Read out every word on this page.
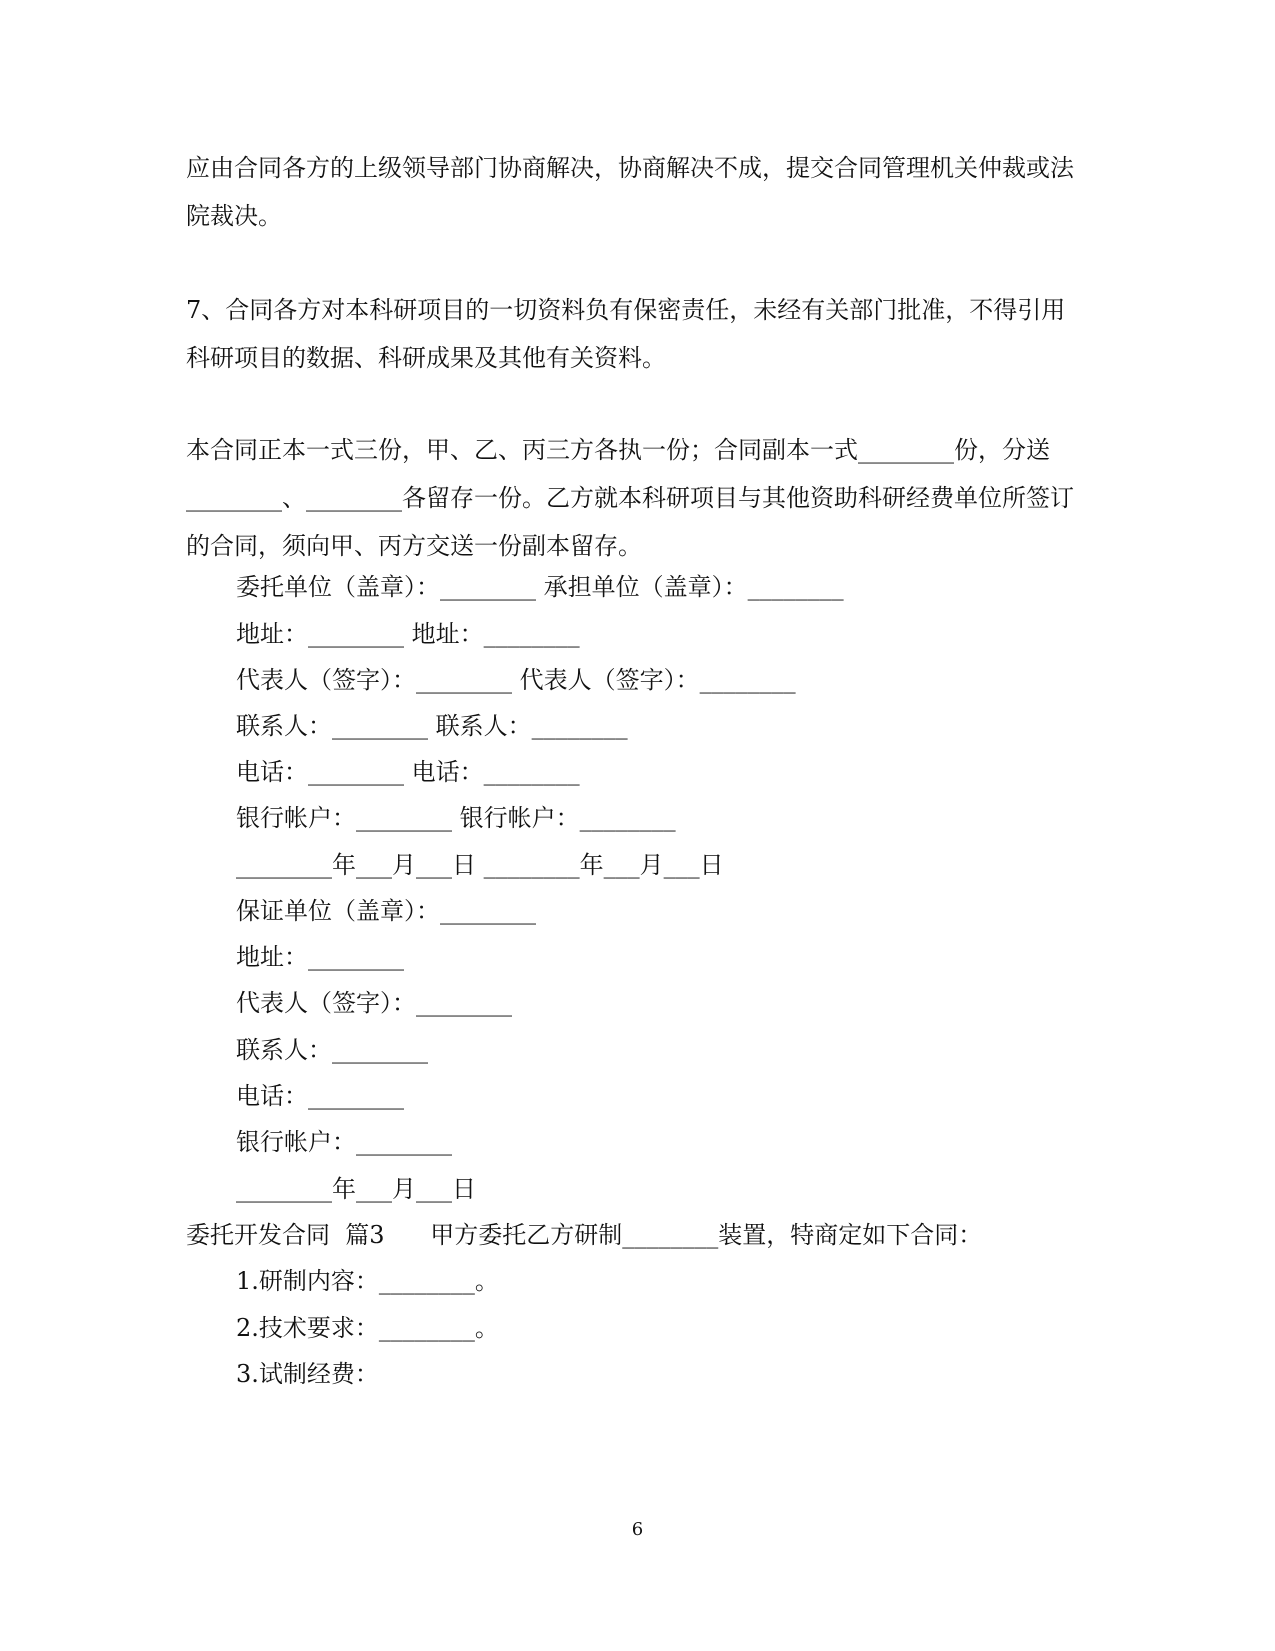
应由合同各方的上级领导部门协商解决，协商解决不成，提交合同管理机关仲裁或法院裁决。

7、合同各方对本科研项目的一切资料负有保密责任，未经有关部门批准，不得引用科研项目的数据、科研成果及其他有关资料。

本合同正本一式三份，甲、乙、丙三方各执一份；合同副本一式________份，分送________、________各留存一份。乙方就本科研项目与其他资助科研经费单位所签订的合同，须向甲、丙方交送一份副本留存。

委托单位（盖章）：________ 承担单位（盖章）：________
地址：________ 地址：________
代表人（签字）：________ 代表人（签字）：________
联系人：________ 联系人：________
电话：________ 电话：________
银行帐户：________ 银行帐户：________
________年___月___日 ________年___月___日
保证单位（盖章）：________
地址：________
代表人（签字）：________
联系人：________
电话：________
银行帐户：________
________年___月___日
委托开发合同  篇3      甲方委托乙方研制________装置，特商定如下合同：
1.研制内容：________。
2.技术要求：________。
3.试制经费：
6
